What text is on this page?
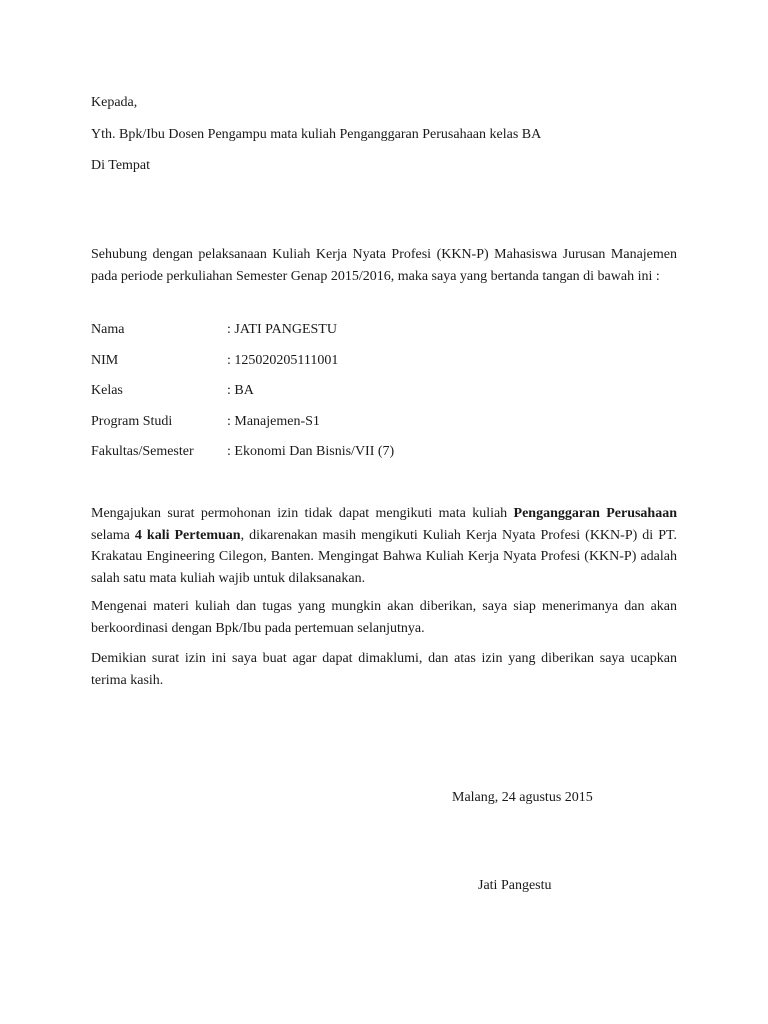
Kepada,
Yth. Bpk/Ibu Dosen Pengampu mata kuliah Penganggaran Perusahaan kelas BA
Di Tempat
Sehubung dengan pelaksanaan Kuliah Kerja Nyata Profesi (KKN-P) Mahasiswa Jurusan Manajemen pada periode perkuliahan Semester Genap 2015/2016, maka saya yang bertanda tangan di bawah ini :
Nama	: JATI PANGESTU
NIM	: 125020205111001
Kelas	: BA
Program Studi	: Manajemen-S1
Fakultas/Semester : Ekonomi Dan Bisnis/VII (7)
Mengajukan surat permohonan izin tidak dapat mengikuti mata kuliah Penganggaran Perusahaan selama 4 kali Pertemuan, dikarenakan masih mengikuti Kuliah Kerja Nyata Profesi (KKN-P) di PT. Krakatau Engineering Cilegon, Banten. Mengingat Bahwa Kuliah Kerja Nyata Profesi (KKN-P) adalah salah satu mata kuliah wajib untuk dilaksanakan.
Mengenai materi kuliah dan tugas yang mungkin akan diberikan, saya siap menerimanya dan akan berkoordinasi dengan Bpk/Ibu pada pertemuan selanjutnya.
Demikian surat izin ini saya buat agar dapat dimaklumi, dan atas izin yang diberikan saya ucapkan terima kasih.
Malang, 24 agustus 2015
Jati Pangestu
